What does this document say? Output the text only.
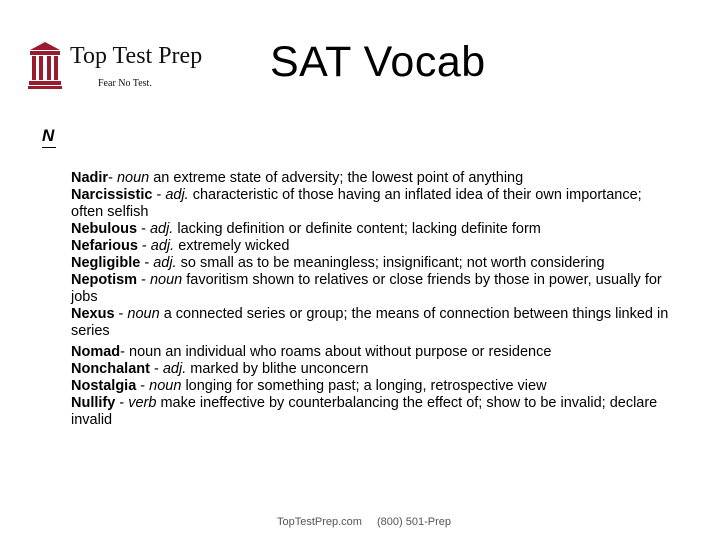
Top Test Prep
Fear No Test.	SAT Vocab
N

Nadir- noun an extreme state of adversity; the lowest point of anything

Narcissistic - adj. characteristic of those having an inflated idea of their own importance; often selfish

Nebulous - adj. lacking definition or definite content; lacking definite form

Nefarious - adj. extremely wicked

Negligible - adj. so small as to be meaningless; insignificant; not worth considering

Nepotism - noun favoritism shown to relatives or close friends by those in power, usually for jobs

Nexus - noun a connected series or group; the means of connection between things linked in series

Nomad- noun an individual who roams about without purpose or residence

Nonchalant - adj. marked by blithe unconcern

Nostalgia - noun longing for something past; a longing, retrospective view

Nullify - verb make ineffective by counterbalancing the effect of; show to be invalid; declare invalid

TopTestPrep.com (800) 501-Prep
